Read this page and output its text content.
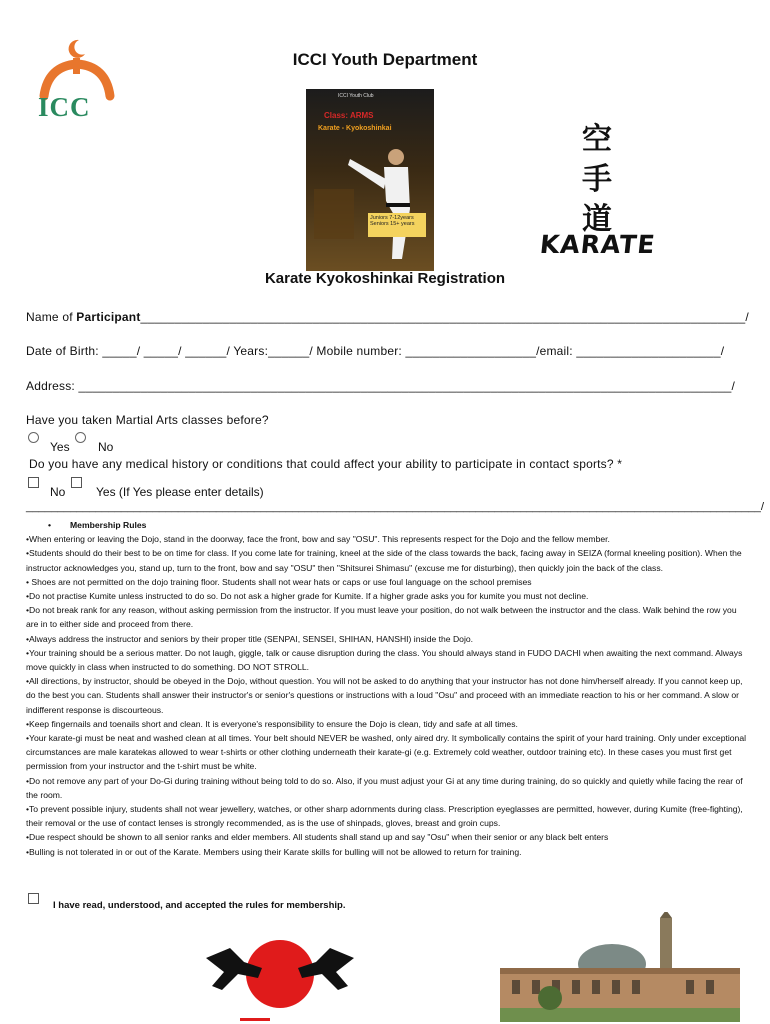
ICC
ICCI Youth Department
ICCI Youth Club
Class: ARMS
Karate - Kyokoshinkai
Juniors 7-12years
Seniors 15+ years
空
手
道
KARATE
Karate Kyokoshinkai Registration
Name of Participant________________________________________________________________________________________/
Date of Birth: _____/ _____/ ______/ Years:______/ Mobile number: ___________________/email: _____________________/
Address: _______________________________________________________________________________________________/
Have you taken Martial Arts classes before?
Yes No
Do you have any medical history or conditions that could affect your ability to participate in contact sports? *
No	Yes (If Yes please enter details)
____________________________________________________________________________________________________________________/

• Membership Rules

•When entering or leaving the Dojo, stand in the doorway, face the front, bow and say "OSU". This represents respect for the Dojo and the fellow member.

•Students should do their best to be on time for class. If you come late for training, kneel at the side of the class towards the back, facing away in SEIZA (formal kneeling position). When the instructor acknowledges you, stand up, turn to the front, bow and say "OSU" then "Shitsurei Shimasu" (excuse me for disturbing), then quickly join the back of the class.

• Shoes are not permitted on the dojo training floor. Students shall not wear hats or caps or use foul language on the school premises

•Do not practise Kumite unless instructed to do so. Do not ask a higher grade for Kumite. If a higher grade asks you for kumite you must not decline.

•Do not break rank for any reason, without asking permission from the instructor. If you must leave your position, do not walk between the instructor and the class. Walk behind the row you are in to either side and proceed from there.

•Always address the instructor and seniors by their proper title (SENPAI, SENSEI, SHIHAN, HANSHI) inside the Dojo.

•Your training should be a serious matter. Do not laugh, giggle, talk or cause disruption during the class. You should always stand in FUDO DACHI when awaiting the next command. Always move quickly in class when instructed to do something. DO NOT STROLL.

•All directions, by instructor, should be obeyed in the Dojo, without question. You will not be asked to do anything that your instructor has not done him/herself already. If you cannot keep up, do the best you can. Students shall answer their instructor's or senior's questions or instructions with a loud "Osu" and proceed with an immediate reaction to his or her command. A slow or indifferent response is discourteous.

•Keep fingernails and toenails short and clean. It is everyone's responsibility to ensure the Dojo is clean, tidy and safe at all times.

•Your karate-gi must be neat and washed clean at all times. Your belt should NEVER be washed, only aired dry. It symbolically contains the spirit of your hard training. Only under exceptional circumstances are male karatekas allowed to wear t-shirts or other clothing underneath their karate-gi (e.g. Extremely cold weather, outdoor training etc). In these cases you must first get permission from your instructor and the t-shirt must be white.

•Do not remove any part of your Do-Gi during training without being told to do so. Also, if you must adjust your Gi at any time during training, do so quickly and quietly while facing the rear of the room.

•To prevent possible injury, students shall not wear jewellery, watches, or other sharp adornments during class. Prescription eyeglasses are permitted, however, during Kumite (free-fighting), their removal or the use of contact lenses is strongly recommended, as is the use of shinpads, gloves, breast and groin cups.

•Due respect should be shown to all senior ranks and elder members. All students shall stand up and say "Osu" when their senior or any black belt enters

•Bulling is not tolerated in or out of the Karate. Members using their Karate skills for bulling will not be allowed to return for training.

I have read, understood, and accepted the rules for membership.
